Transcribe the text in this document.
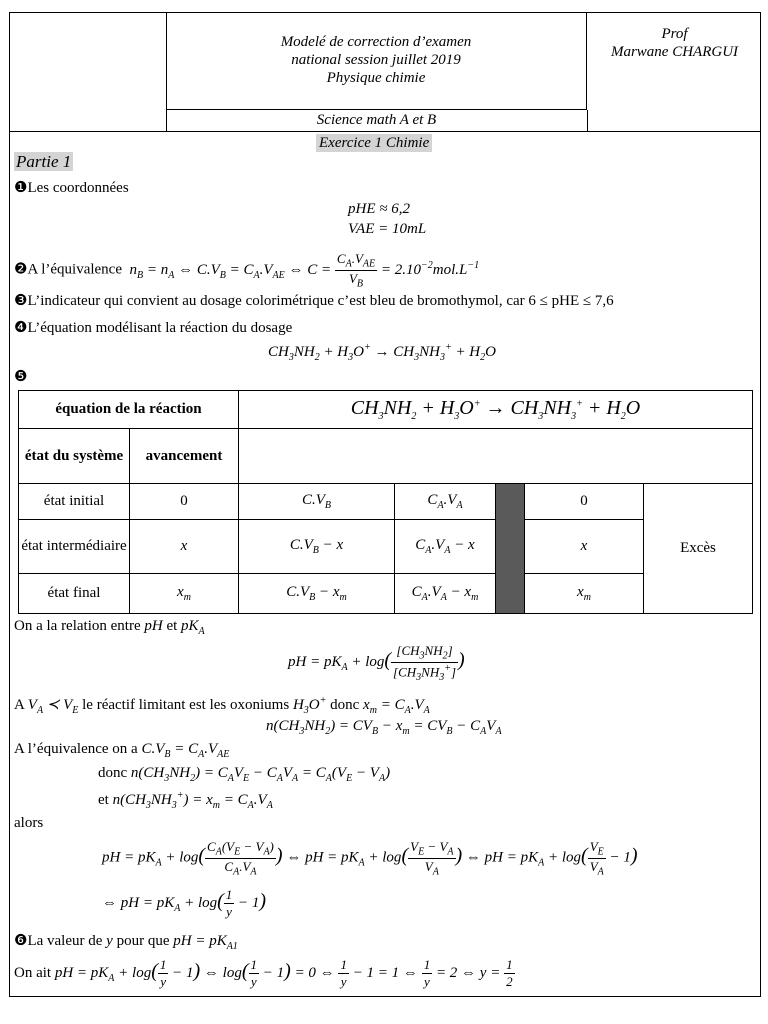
Modelé de correction d’examen
national session juillet 2019
Physique chimie
Science math A et B
Prof
Marwane CHARGUI
Exercice 1 Chimie
Partie 1
❶Les coordonnées
pHE ≈ 6,2
VAE = 10mL
❷A l’équivalence  $n_B = n_A$ ⇔ $C.V_B = C_A.V_{AE}$ ⇔ $C = \frac{C_A.V_{AE}}{V_B} = 2.10^{-2}mol.L^{-1}$
❸L’indicateur qui convient au dosage colorimétrique c’est bleu de bromothymol, car 6 ≤ pHE ≤ 7,6
❹L’équation modélisant la réaction du dosage
$CH_3NH_2 + H_3O^+ \to CH_3NH_3^+ + H_2O$
❺
équation de la réaction		$CH_3NH_2 + H_3O^+ \to CH_3NH_3^+ + H_2O$				
état du système	avancement					
état initial	0	$C.V_B$	$C_A.V_A$		0	Excès
état intermédiaire	x	$C.V_B - x$	$C_A.V_A - x$		x	
état final	$x_m$	$C.V_B - x_m$	$C_A.V_A - x_m$		$x_m$
On a la relation entre pH et $pK_A$
pH = $pK_A + \log( \frac{[CH_3NH_2]}{[CH_3NH_3^+]}$ )
A $V_A$ ≺ $V_E$ le réactif limitant est les oxoniums $H_3O^+$ donc $x_m = C_A.V_A$
$n(CH_3NH_2) = CV_B - x_m = CV_B - C_AV_A$
A l’équivalence on a $C.V_B = C_A.V_{AE}$
donc $n(CH_3NH_2) = C_AV_E - C_AV_A = C_A(V_E - V_A)$
et $n(CH_3NH_3^+) = x_m = C_A.V_A$
alors
pH = $pK_A + \log( \frac{C_A(V_E - V_A)}{C_A.V_A}$ ) ⇔ pH = $pK_A + \log( \frac{V_E - V_A}{V_A}$ ) ⇔ pH = $pK_A + \log( \frac{V_E}{V_A} - 1)$
⇔ pH = $pK_A + \log( \frac{1}{y} - 1)$
❻La valeur de y pour que pH = $pK_{A1}$
On ait pH = $pK_A + \log( \frac{1}{y} - 1)$ ⇔ $\log( \frac{1}{y} - 1) = 0$ ⇔ $\frac{1}{y} - 1 = 1$ ⇔ $\frac{1}{y} = 2$ ⇔ $y = \frac{1}{2}$
